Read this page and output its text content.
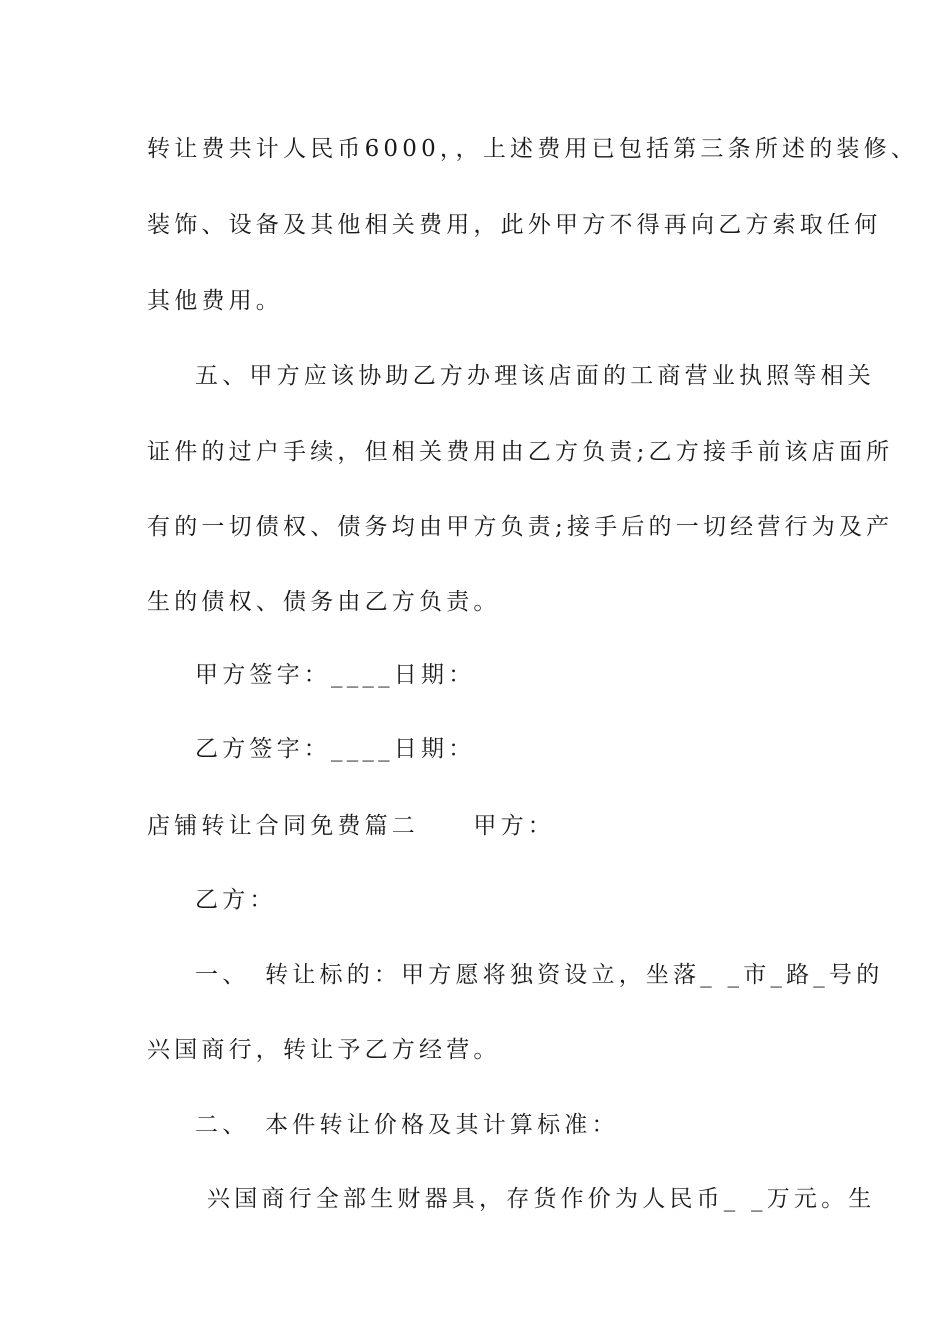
转让费共计人民币6000，，上述费用已包括第三条所述的装修、
装饰、设备及其他相关费用，此外甲方不得再向乙方索取任何
其他费用。
五、甲方应该协助乙方办理该店面的工商营业执照等相关
证件的过户手续，但相关费用由乙方负责;乙方接手前该店面所
有的一切债权、债务均由甲方负责;接手后的一切经营行为及产
生的债权、债务由乙方负责。
甲方签字：____日期：
乙方签字：____日期：
店铺转让合同免费篇二　　甲方：
乙方：
一、　转让标的：甲方愿将独资设立，坐落_ _市_路_号的
兴国商行，转让予乙方经营。
二、　本件转让价格及其计算标准：
兴国商行全部生财器具，存货作价为人民币_ _万元。生
